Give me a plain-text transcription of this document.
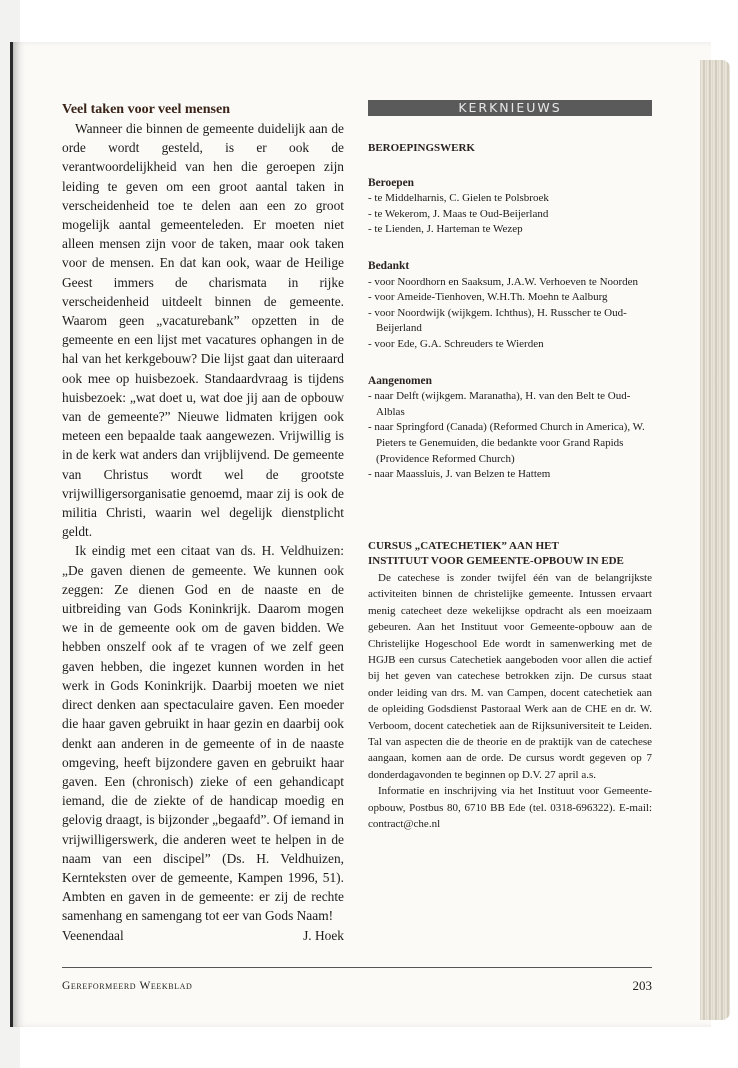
Veel taken voor veel mensen

Wanneer die binnen de gemeente duidelijk aan de orde wordt gesteld, is er ook de verantwoordelijkheid van hen die geroepen zijn leiding te geven om een groot aantal taken in verscheidenheid toe te delen aan een zo groot mogelijk aantal gemeenteleden. Er moeten niet alleen mensen zijn voor de taken, maar ook taken voor de mensen. En dat kan ook, waar de Heilige Geest immers de charismata in rijke verscheidenheid uitdeelt binnen de gemeente. Waarom geen „vacaturebank” opzetten in de gemeente en een lijst met vacatures ophangen in de hal van het kerkgebouw? Die lijst gaat dan uiteraard ook mee op huisbezoek. Standaardvraag is tijdens huisbezoek: „wat doet u, wat doe jij aan de opbouw van de gemeente?” Nieuwe lidmaten krijgen ook meteen een bepaalde taak aangewezen. Vrijwillig is in de kerk wat anders dan vrijblijvend. De gemeente van Christus wordt wel de grootste vrijwilligersorganisatie genoemd, maar zij is ook de militia Christi, waarin wel degelijk dienstplicht geldt.

Ik eindig met een citaat van ds. H. Veldhuizen: „De gaven dienen de gemeente. We kunnen ook zeggen: Ze dienen God en de naaste en de uitbreiding van Gods Koninkrijk. Daarom mogen we in de gemeente ook om de gaven bidden. We hebben onszelf ook af te vragen of we zelf geen gaven hebben, die ingezet kunnen worden in het werk in Gods Koninkrijk. Daarbij moeten we niet direct denken aan spectaculaire gaven. Een moeder die haar gaven gebruikt in haar gezin en daarbij ook denkt aan anderen in de gemeente of in de naaste omgeving, heeft bijzondere gaven en gebruikt haar gaven. Een (chronisch) zieke of een gehandicapt iemand, die de ziekte of de handicap moedig en gelovig draagt, is bijzonder „begaafd”. Of iemand in vrijwilligerswerk, die anderen weet te helpen in de naam van een discipel” (Ds. H. Veldhuizen, Kernteksten over de gemeente, Kampen 1996, 51). Ambten en gaven in de gemeente: er zij de rechte samenhang en samengang tot eer van Gods Naam!

Veenendaal	J. Hoek
KERKNIEUWS
BEROEPINGSWERK
Beroepen
- te Middelharnis, C. Gielen te Polsbroek
- te Wekerom, J. Maas te Oud-Beijerland
- te Lienden, J. Harteman te Wezep
Bedankt
- voor Noordhorn en Saaksum, J.A.W. Verhoeven te Noorden
- voor Ameide-Tienhoven, W.H.Th. Moehn te Aalburg
- voor Noordwijk (wijkgem. Ichthus), H. Russcher te Oud-Beijerland
- voor Ede, G.A. Schreuders te Wierden
Aangenomen
- naar Delft (wijkgem. Maranatha), H. van den Belt te Oud-Alblas
- naar Springford (Canada) (Reformed Church in America), W. Pieters te Genemuiden, die bedankte voor Grand Rapids (Providence Reformed Church)
- naar Maassluis, J. van Belzen te Hattem
CURSUS „CATECHETIEK” AAN HET
INSTITUUT VOOR GEMEENTE-OPBOUW IN EDE

De catechese is zonder twijfel één van de belangrijkste activiteiten binnen de christelijke gemeente. Intussen ervaart menig catecheet deze wekelijkse opdracht als een moeizaam gebeuren. Aan het Instituut voor Gemeente-opbouw aan de Christelijke Hogeschool Ede wordt in samenwerking met de HGJB een cursus Catechetiek aangeboden voor allen die actief bij het geven van catechese betrokken zijn. De cursus staat onder leiding van drs. M. van Campen, docent catechetiek aan de opleiding Godsdienst Pastoraal Werk aan de CHE en dr. W. Verboom, docent catechetiek aan de Rijksuniversiteit te Leiden. Tal van aspecten die de theorie en de praktijk van de catechese aangaan, komen aan de orde. De cursus wordt gegeven op 7 donderdagavonden te beginnen op D.V. 27 april a.s.

Informatie en inschrijving via het Instituut voor Gemeente-opbouw, Postbus 80, 6710 BB Ede (tel. 0318-696322). E-mail: contract@che.nl

Gereformeerd Weekblad	203
